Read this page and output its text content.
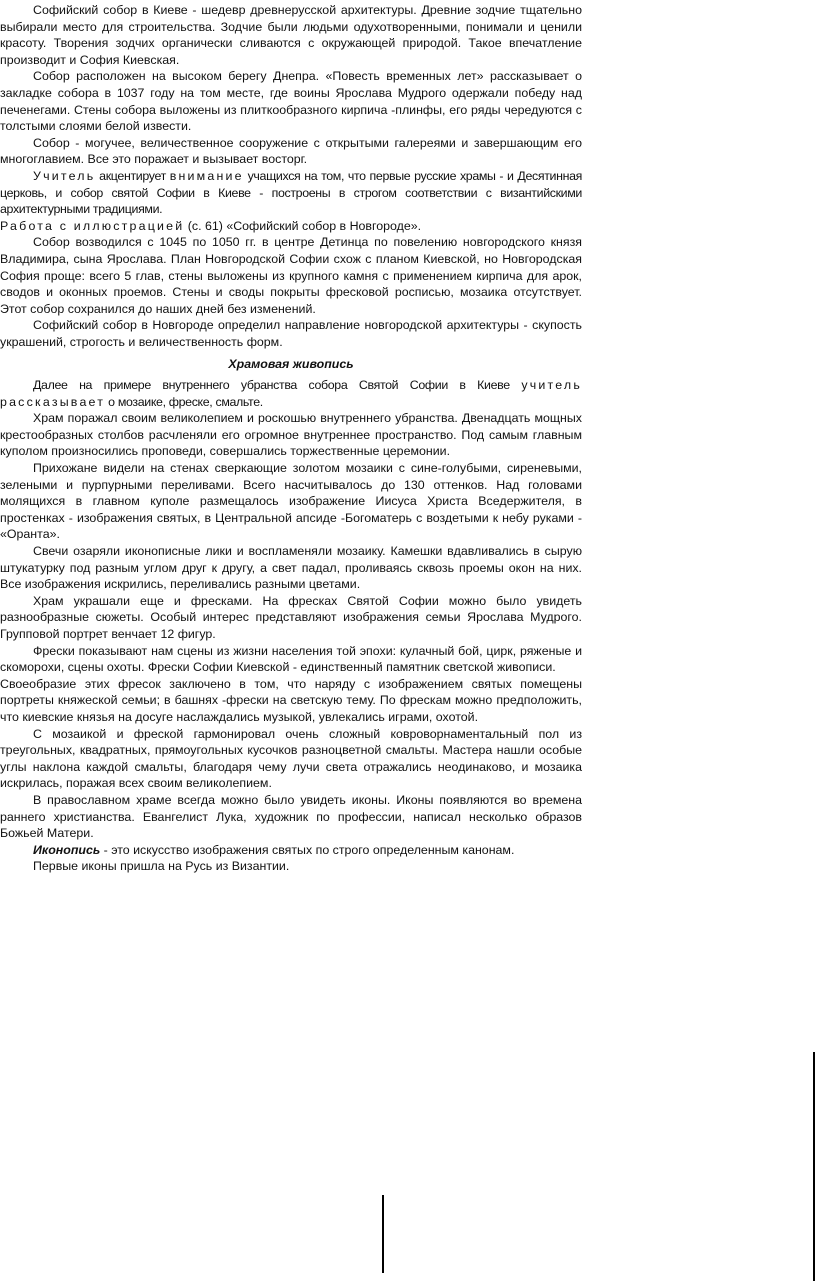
Софийский собор в Киеве - шедевр древнерусской архитектуры. Древние зодчие тщательно выбирали место для строительства. Зодчие были людьми одухотворенными, понимали и ценили красоту. Творения зодчих органически сливаются с окружающей природой. Такое впечатление производит и София Киевская.

Собор расположен на высоком берегу Днепра. «Повесть временных лет» рассказывает о закладке собора в 1037 году на том месте, где воины Ярослава Мудрого одержали победу над печенегами. Стены собора выложены из плиткообразного кирпича -плинфы, его ряды чередуются с толстыми слоями белой извести.

Собор - могучее, величественное сооружение с открытыми галереями и завершающим его многоглавием. Все это поражает и вызывает восторг.

Учитель акцентирует внимание учащихся на том, что первые русские храмы - и Десятинная церковь, и собор святой Софии в Киеве - построены в строгом соответствии с византийскими архитектурными традициями.

Работа с иллюстрацией (с. 61) «Софийский собор в Новгороде».

Собор возводился с 1045 по 1050 гг. в центре Детинца по повелению новгородского князя Владимира, сына Ярослава. План Новгородской Софии схож с планом Киевской, но Новгородская София проще: всего 5 глав, стены выложены из крупного камня с применением кирпича для арок, сводов и оконных проемов. Стены и своды покрыты фресковой росписью, мозаика отсутствует. Этот собор сохранился до наших дней без изменений.

Софийский собор в Новгороде определил направление новгородской архитектуры - скупость украшений, строгость и величественность форм.

Храмовая живопись

Далее на примере внутреннего убранства собора Святой Софии в Киеве учитель рассказывает о мозаике, фреске, смальте.

Храм поражал своим великолепием и роскошью внутреннего убранства. Двенадцать мощных крестообразных столбов расчленяли его огромное внутреннее пространство. Под самым главным куполом произносились проповеди, совершались торжественные церемонии.

Прихожане видели на стенах сверкающие золотом мозаики с сине-голубыми, сиреневыми, зелеными и пурпурными переливами. Всего насчитывалось до 130 оттенков. Над головами молящихся в главном куполе размещалось изображение Иисуса Христа Вседержителя, в простенках - изображения святых, в Центральной апсиде -Богоматерь с воздетыми к небу руками - «Оранта».

Свечи озаряли иконописные лики и воспламеняли мозаику. Камешки вдавливались в сырую штукатурку под разным углом друг к другу, а свет падал, проливаясь сквозь проемы окон на них. Все изображения искрились, переливались разными цветами.

Храм украшали еще и фресками. На фресках Святой Софии можно было увидеть разнообразные сюжеты. Особый интерес представляют изображения семьи Ярослава Мудрого. Групповой портрет венчает 12 фигур.

Фрески показывают нам сцены из жизни населения той эпохи: кулачный бой, цирк, ряженые и скоморохи, сцены охоты. Фрески Софии Киевской - единственный памятник светской живописи.

Своеобразие этих фресок заключено в том, что наряду с изображением святых помещены портреты княжеской семьи; в башнях -фрески на светскую тему. По фрескам можно предположить, что киевские князья на досуге наслаждались музыкой, увлекались играми, охотой.

С мозаикой и фреской гармонировал очень сложный ковроворнаментальный пол из треугольных, квадратных, прямоугольных кусочков разноцветной смальты. Мастера нашли особые углы наклона каждой смальты, благодаря чему лучи света отражались неодинаково, и мозаика искрилась, поражая всех своим великолепием.

В православном храме всегда можно было увидеть иконы. Иконы появляются во времена раннего христианства. Евангелист Лука, художник по профессии, написал несколько образов Божьей Матери.

Иконопись - это искусство изображения святых по строго определенным канонам.

Первые иконы пришла на Русь из Византии.
